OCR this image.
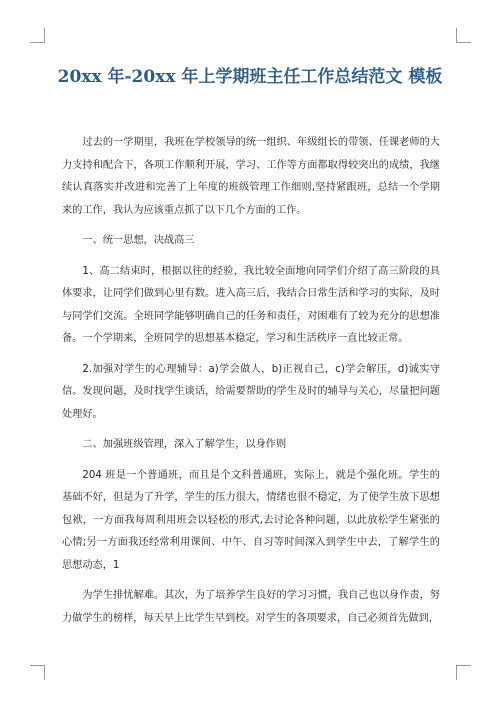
20xx 年-20xx 年上学期班主任工作总结范文 模板

过去的一学期里，我班在学校领导的统一组织、年级组长的带领、任课老师的大力支持和配合下，各项工作顺利开展，学习、工作等方面都取得较突出的成绩，我继续认真落实并改进和完善了上年度的班级管理工作细则,坚持紧跟班，总结一个学期来的工作，我认为应该重点抓了以下几个方面的工作。

一、统一思想，决战高三

1、高二结束时，根据以往的经验，我比较全面地向同学们介绍了高三阶段的具体要求，让同学们做到心里有数。进入高三后，我结合日常生活和学习的实际，及时与同学们交流。全班同学能够明确自己的任务和责任，对困难有了较为充分的思想准备。一个学期来，全班同学的思想基本稳定，学习和生活秩序一直比较正常。

2.加强对学生的心理辅导：a)学会做人，b)正视自己，c)学会解压，d)诚实守信。发现问题，及时找学生谈话，给需要帮助的学生及时的辅导与关心，尽量把问题处理好。

二、加强班级管理，深入了解学生，以身作则

204 班是一个普通班，而且是个文科普通班，实际上，就是个强化班。学生的基础不好，但是为了升学，学生的压力很大，情绪也很不稳定，为了使学生放下思想包袱，一方面我每周利用班会以轻松的形式,去讨论各种问题，以此放松学生紧张的心情;另一方面我还经常利用课间、中午、自习等时间深入到学生中去，了解学生的思想动态，1

为学生排忧解难。其次，为了培养学生良好的学习习惯，我自己也以身作责，努力做学生的榜样，每天早上比学生早到校。对学生的各项要求，自己必须首先做到，
